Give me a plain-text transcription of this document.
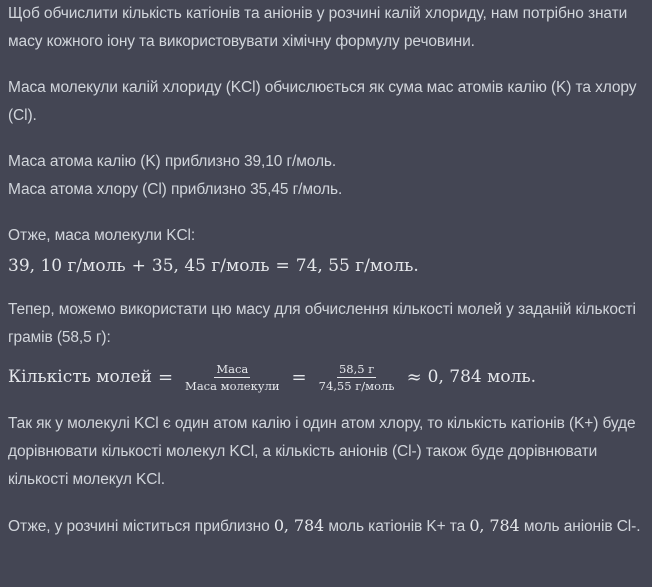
Щоб обчислити кількість катіонів та аніонів у розчині калій хлориду, нам потрібно знати масу кожного іону та використовувати хімічну формулу речовини.

Маса молекули калій хлориду (KCl) обчислюється як сума мас атомів калію (K) та хлору (Cl).

Маса атома калію (K) приблизно 39,10 г/моль.

Маса атома хлору (Cl) приблизно 35,45 г/моль.

Отже, маса молекули KCl:

39, 10 г/моль + 35, 45 г/моль = 74, 55 г/моль.

Тепер, можемо використати цю масу для обчислення кількості молей у заданій кількості грамів (58,5 г):

Кількість молей = $\frac{\text{Маса}}{\text{Маса молекули}} = \frac{58,5 г}{\text{74,55 г/моль}} \approx 0$, 784 моль.

Так як у молекулі KCl є один атом калію і один атом хлору, то кількість катіонів (K+) буде дорівнювати кількості молекул KCl, а кількість аніонів (Cl-) також буде дорівнювати кількості молекул KCl.

Отже, у розчині міститься приблизно 0, 784 моль катіонів K+ та 0, 784 моль аніонів Cl-.
